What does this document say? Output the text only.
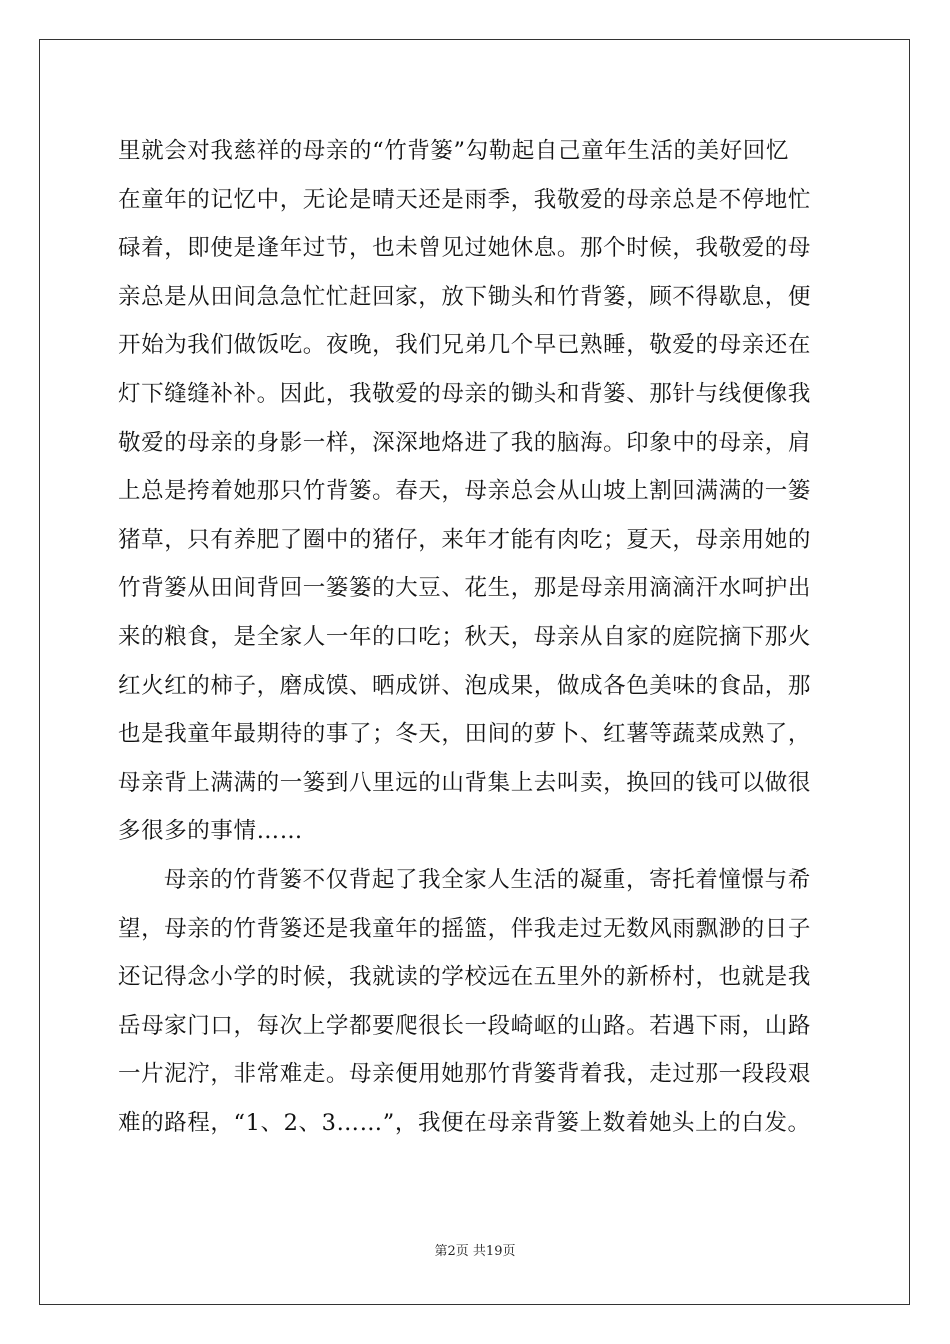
里就会对我慈祥的母亲的“竹背篓”勾勒起自己童年生活的美好回忆
在童年的记忆中，无论是晴天还是雨季，我敬爱的母亲总是不停地忙
碌着，即使是逢年过节，也未曾见过她休息。那个时候，我敬爱的母
亲总是从田间急急忙忙赶回家，放下锄头和竹背篓，顾不得歇息，便
开始为我们做饭吃。夜晚，我们兄弟几个早已熟睡，敬爱的母亲还在
灯下缝缝补补。因此，我敬爱的母亲的锄头和背篓、那针与线便像我
敬爱的母亲的身影一样，深深地烙进了我的脑海。印象中的母亲，肩
上总是挎着她那只竹背篓。春天，母亲总会从山坡上割回满满的一篓
猪草，只有养肥了圈中的猪仔，来年才能有肉吃；夏天，母亲用她的
竹背篓从田间背回一篓篓的大豆、花生，那是母亲用滴滴汗水呵护出
来的粮食，是全家人一年的口吃；秋天，母亲从自家的庭院摘下那火
红火红的柿子，磨成馍、晒成饼、泡成果，做成各色美味的食品，那
也是我童年最期待的事了；冬天，田间的萝卜、红薯等蔬菜成熟了，
母亲背上满满的一篓到八里远的山背集上去叫卖，换回的钱可以做很
多很多的事情……
母亲的竹背篓不仅背起了我全家人生活的凝重，寄托着憧憬与希
望，母亲的竹背篓还是我童年的摇篮，伴我走过无数风雨飘渺的日子
还记得念小学的时候，我就读的学校远在五里外的新桥村，也就是我
岳母家门口，每次上学都要爬很长一段崎岖的山路。若遇下雨，山路
一片泥泞，非常难走。母亲便用她那竹背篓背着我，走过那一段段艰
难的路程，“1、2、3……”，我便在母亲背篓上数着她头上的白发。
第2页 共19页
